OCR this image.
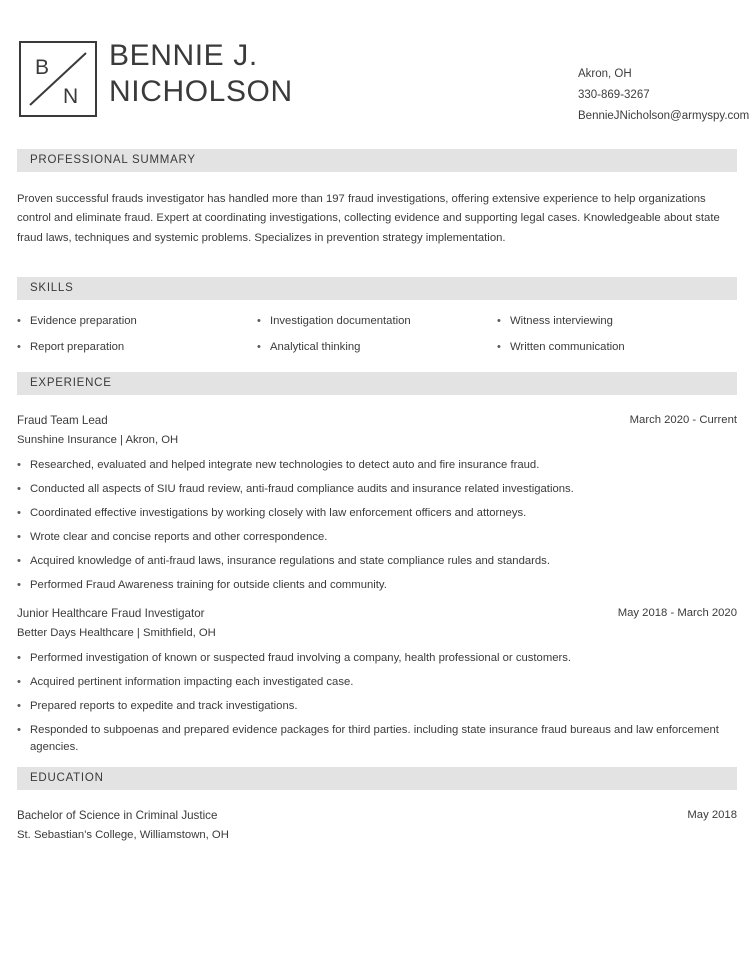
B
N
BENNIE J.
NICHOLSON
Akron, OH
330-869-3267
BennieJNicholson@armyspy.com
PROFESSIONAL SUMMARY
Proven successful frauds investigator has handled more than 197 fraud investigations, offering extensive experience to help organizations control and eliminate fraud. Expert at coordinating investigations, collecting evidence and supporting legal cases. Knowledgeable about state fraud laws, techniques and systemic problems. Specializes in prevention strategy implementation.
SKILLS
• Evidence preparation	• Investigation documentation	• Witness interviewing
• Report preparation	• Analytical thinking	• Written communication
EXPERIENCE
Fraud Team Lead	March 2020 - Current
Sunshine Insurance | Akron, OH
• Researched, evaluated and helped integrate new technologies to detect auto and fire insurance fraud.
• Conducted all aspects of SIU fraud review, anti-fraud compliance audits and insurance related investigations.
• Coordinated effective investigations by working closely with law enforcement officers and attorneys.
• Wrote clear and concise reports and other correspondence.
• Acquired knowledge of anti-fraud laws, insurance regulations and state compliance rules and standards.
• Performed Fraud Awareness training for outside clients and community.
Junior Healthcare Fraud Investigator	May 2018 - March 2020
Better Days Healthcare | Smithfield, OH
• Performed investigation of known or suspected fraud involving a company, health professional or customers.
• Acquired pertinent information impacting each investigated case.
• Prepared reports to expedite and track investigations.
• Responded to subpoenas and prepared evidence packages for third parties. including state insurance fraud bureaus and law enforcement agencies.
EDUCATION
Bachelor of Science in Criminal Justice	May 2018
St. Sebastian's College, Williamstown, OH
